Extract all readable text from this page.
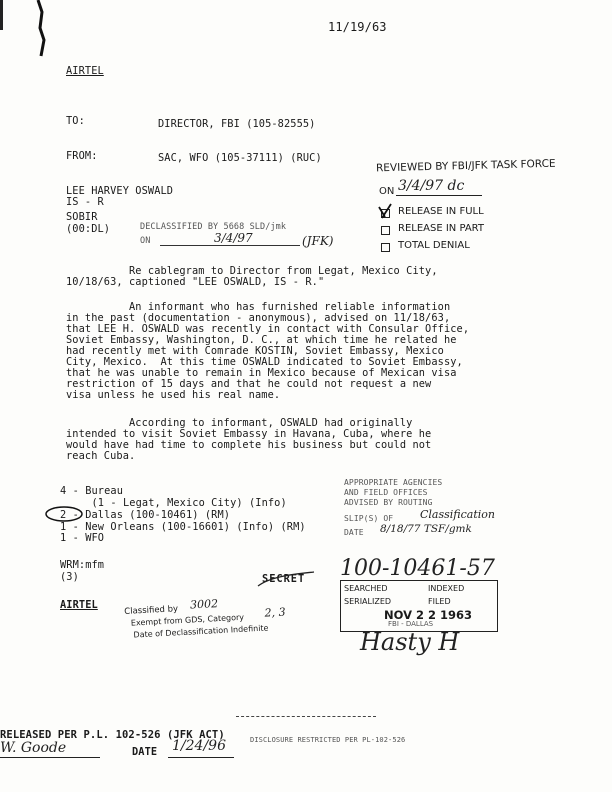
11/19/63
AIRTEL
TO:	DIRECTOR, FBI (105-82555)
FROM:	SAC, WFO (105-37111) (RUC)	REVIEWED BY FBI/JFK TASK FORCE
ON 3/4/97 dc
RELEASE IN FULL
RELEASE IN PART
TOTAL DENIAL
LEE HARVEY OSWALD
IS - R
SOBIR
(00:DL)	DECLASSIFIED BY 5668 SLD/jmk
ON	3/4/97	(JFK)
Re cablegram to Director from Legat, Mexico City,
10/18/63, captioned "LEE OSWALD, IS - R."
An informant who has furnished reliable information
in the past (documentation - anonymous), advised on 11/18/63,
that LEE H. OSWALD was recently in contact with Consular Office,
Soviet Embassy, Washington, D. C., at which time he related he
had recently met with Comrade KOSTIN, Soviet Embassy, Mexico
City, Mexico.  At this time OSWALD indicated to Soviet Embassy,
that he was unable to remain in Mexico because of Mexican visa
restriction of 15 days and that he could not request a new
visa unless he used his real name.
According to informant, OSWALD had originally
intended to visit Soviet Embassy in Havana, Cuba, where he
would have had time to complete his business but could not
reach Cuba.
4 - Bureau
(1 - Legat, Mexico City) (Info)
2 - Dallas (100-10461) (RM)
1 - New Orleans (100-16601) (Info) (RM)
1 - WFO
APPROPRIATE AGENCIES
AND FIELD OFFICES
ADVISED BY ROUTING
SLIP(S) OF Classification
DATE 8/18/77 TSF/gmk
WRM:mfm
(3)	SECRET 100-10461-57
AIRTEL	Classified by 3002
Exempt from GDS, Category
2, 3
Date of Declassification Indefinite
SEARCHED	INDEXED
SERIALIZED	FILED
NOV 2 2 1963
FBI - DALLAS
Hasty H
DISCLOSURE RESTRICTED PER PL-102-526
RELEASED PER P.L. 102-526 (JFK ACT)
W. Goode	DATE 1/24/96
